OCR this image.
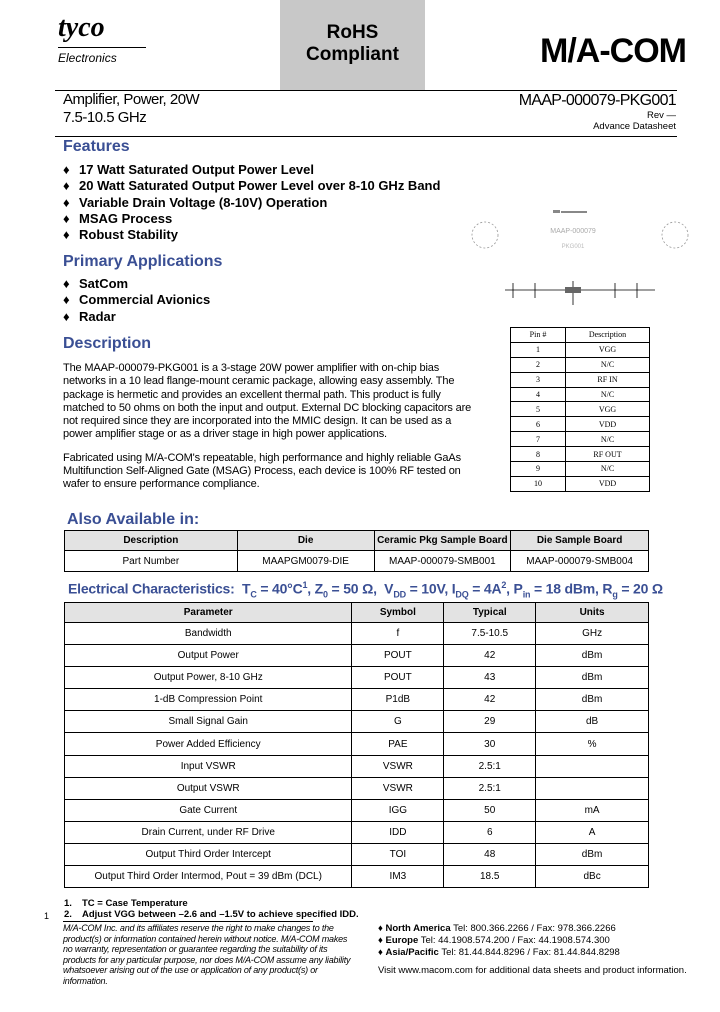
tyco
Electronics
RoHS
Compliant	M/A-COM
Amplifier, Power, 20W
7.5-10.5 GHz
MAAP-000079-PKG001
Rev —
Advance Datasheet
Features
♦ 17 Watt Saturated Output Power Level
♦ 20 Watt Saturated Output Power Level over 8-10 GHz Band
♦ Variable Drain Voltage (8-10V) Operation
♦ MSAG Process
♦ Robust Stability
Primary Applications
♦ SatCom
♦ Commercial Avionics
♦ Radar
Description
The MAAP-000079-PKG001 is a 3-stage 20W power amplifier with on-chip bias networks in a 10 lead flange-mount ceramic package, allowing easy assembly. The package is hermetic and provides an excellent thermal path. This product is fully matched to 50 ohms on both the input and output. External DC blocking capacitors are not required since they are incorporated into the MMIC design. It can be used as a power amplifier stage or as a driver stage in high power applications.
Fabricated using M/A-COM's repeatable, high performance and highly reliable GaAs Multifunction Self-Aligned Gate (MSAG) Process, each device is 100% RF tested on wafer to ensure performance compliance.
MAAP-000079
PKG001
Pin #	Description
1	VGG
2	N/C
3	RF IN
4	N/C
5	VGG
6	VDD
7	N/C
8	RF OUT
9	N/C
10	VDD
Also Available in:
Description	Die	Ceramic Pkg Sample Board	Die Sample Board
Part Number	MAAPGM0079-DIE	MAAP-000079-SMB001	MAAP-000079-SMB004
Electrical Characteristics:  $T_C = 40^\circ C^1$, $Z_0 = 50$ Ω,  $V_{DD} = 10V$, $I_{DQ} = 4A^2$, $P_{in} = 18$ dBm, $R_g = 20$ Ω
Parameter	Symbol	Typical	Units
Bandwidth	f	7.5-10.5	GHz
Output Power	POUT	42	dBm
Output Power, 8-10 GHz	POUT	43	dBm
1-dB Compression Point	P1dB	42	dBm
Small Signal Gain	G	29	dB
Power Added Efficiency	PAE	30	%
Input VSWR	VSWR	2.5:1	
Output VSWR	VSWR	2.5:1	
Gate Current	IGG	50	mA
Drain Current, under RF Drive	IDD	6	A
Output Third Order Intercept	TOI	48	dBm
Output Third Order Intermod, Pout = 39 dBm (DCL)	IM3	18.5	dBc
1. TC = Case Temperature
2. Adjust VGG between –2.6 and –1.5V to achieve specified IDD.
1
M/A-COM Inc. and its affiliates reserve the right to make changes to the product(s) or information contained herein without notice. M/A-COM makes no warranty, representation or guarantee regarding the suitability of its products for any particular purpose, nor does M/A-COM assume any liability whatsoever arising out of the use or application of any product(s) or information.
♦ North America Tel: 800.366.2266 / Fax: 978.366.2266
♦ Europe Tel: 44.1908.574.200 / Fax: 44.1908.574.300
♦ Asia/Pacific Tel: 81.44.844.8296 / Fax: 81.44.844.8298
Visit www.macom.com for additional data sheets and product information.
